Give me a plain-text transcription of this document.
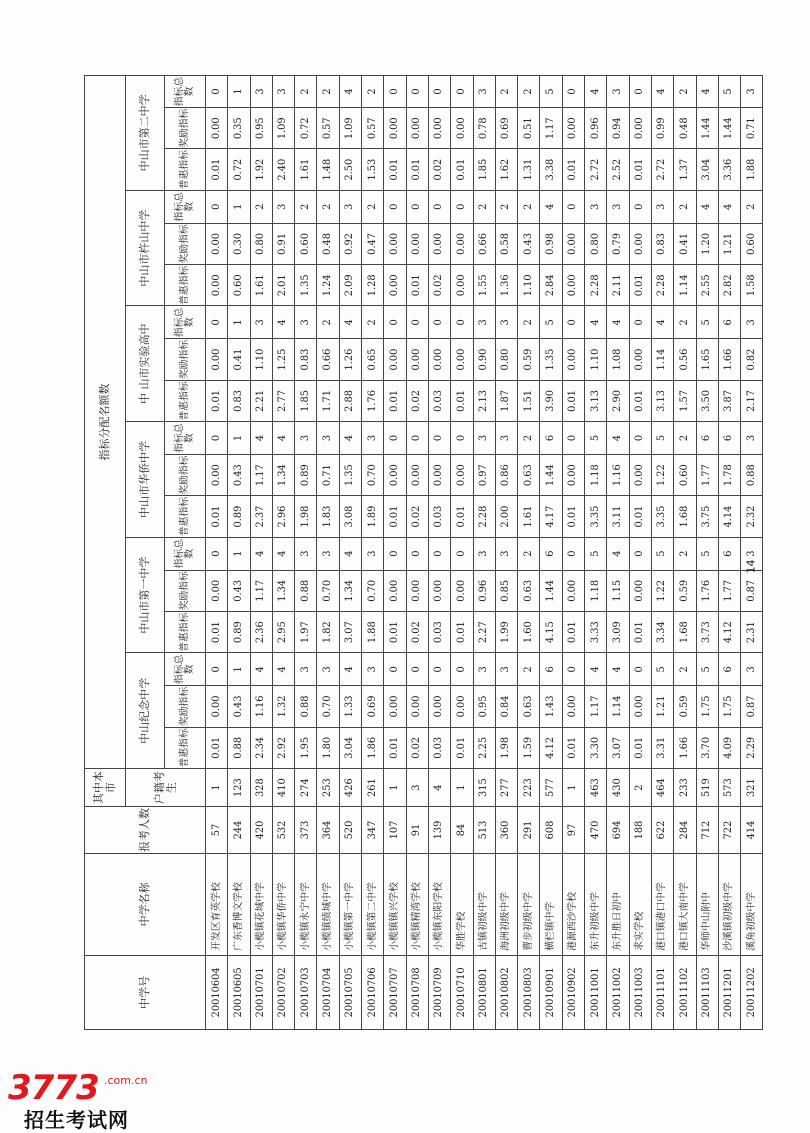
中学号	中学名称	报考人数	其中本市	指标分配名额数																	
			户籍考生	中山纪念中学			中山市第一中学			中山市华侨中学			中 山市实验高中			中山市杵山中学			中山市第二中学		
				普惠指标	奖励指标	指标总数	普惠指标	奖励指标	指标总数	普惠指标	奖励指标	指标总数	普惠指标	奖励指标	指标总数	普惠指标	奖励指标	指标总数	普惠指标	奖励指标	指标总数
20010604	开发区育英学校	57	1	0.01	0.00	0	0.01	0.00	0	0.01	0.00	0	0.01	0.00	0	0.00	0.00	0	0.01	0.00	0
20010605	广东香博文学校	244	123	0.88	0.43	1	0.89	0.43	1	0.89	0.43	1	0.83	0.41	1	0.60	0.30	1	0.72	0.35	1
20010701	小榄镇花城中学	420	328	2.34	1.16	4	2.36	1.17	4	2.37	1.17	4	2.21	1.10	3	1.61	0.80	2	1.92	0.95	3
20010702	小榄镇华侨中学	532	410	2.92	1.32	4	2.95	1.34	4	2.96	1.34	4	2.77	1.25	4	2.01	0.91	3	2.40	1.09	3
20010703	小榄镇永宁中学	373	274	1.95	0.88	3	1.97	0.88	3	1.98	0.89	3	1.85	0.83	3	1.35	0.60	2	1.61	0.72	2
20010704	小榄镇绩城中学	364	253	1.80	0.70	3	1.82	0.70	3	1.83	0.71	3	1.71	0.66	2	1.24	0.48	2	1.48	0.57	2
20010705	小榄镇第一中学	520	426	3.04	1.33	4	3.07	1.34	4	3.08	1.35	4	2.88	1.26	4	2.09	0.92	3	2.50	1.09	4
20010706	小榄镇第二中学	347	261	1.86	0.69	3	1.88	0.70	3	1.89	0.70	3	1.76	0.65	2	1.28	0.47	2	1.53	0.57	2
20010707	小榄镇镇兴学校	107	1	0.01	0.00	0	0.01	0.00	0	0.01	0.00	0	0.01	0.00	0	0.00	0.00	0	0.01	0.00	0
20010708	小榄镇精湾学校	91	3	0.02	0.00	0	0.02	0.00	0	0.02	0.00	0	0.02	0.00	0	0.01	0.00	0	0.01	0.00	0
20010709	小榄镇东阳学校	139	4	0.03	0.00	0	0.03	0.00	0	0.03	0.00	0	0.03	0.00	0	0.02	0.00	0	0.02	0.00	0
20010710	华胜学校	84	1	0.01	0.00	0	0.01	0.00	0	0.01	0.00	0	0.01	0.00	0	0.00	0.00	0	0.01	0.00	0
20010801	古镇初级中学	513	315	2.25	0.95	3	2.27	0.96	3	2.28	0.97	3	2.13	0.90	3	1.55	0.66	2	1.85	0.78	3
20010802	海洲初级中学	360	277	1.98	0.84	3	1.99	0.85	3	2.00	0.86	3	1.87	0.80	3	1.36	0.58	2	1.62	0.69	2
20010803	曹步初级中学	291	223	1.59	0.63	2	1.60	0.63	2	1.61	0.63	2	1.51	0.59	2	1.10	0.43	2	1.31	0.51	2
20010901	横栏镇中学	608	577	4.12	1.43	6	4.15	1.44	6	4.17	1.44	6	3.90	1.35	5	2.84	0.98	4	3.38	1.17	5
20010902	港源西沙学校	97	1	0.01	0.00	0	0.01	0.00	0	0.01	0.00	0	0.01	0.00	0	0.00	0.00	0	0.01	0.00	0
20011001	东升初级中学	470	463	3.30	1.17	4	3.33	1.18	5	3.35	1.18	5	3.13	1.10	4	2.28	0.80	3	2.72	0.96	4
20011002	东升胜日初中	694	430	3.07	1.14	4	3.09	1.15	4	3.11	1.16	4	2.90	1.08	4	2.11	0.79	3	2.52	0.94	3
20011003	求实学校	188	2	0.01	0.00	0	0.01	0.00	0	0.01	0.00	0	0.01	0.00	0	0.01	0.00	0	0.01	0.00	0
20011101	港口镇港口中学	622	464	3.31	1.21	5	3.34	1.22	5	3.35	1.22	5	3.13	1.14	4	2.28	0.83	3	2.72	0.99	4
20011102	港口镇大南中学	284	233	1.66	0.59	2	1.68	0.59	2	1.68	0.60	2	1.57	0.56	2	1.14	0.41	2	1.37	0.48	2
20011103	华师中山附中	712	519	3.70	1.75	5	3.73	1.76	5	3.75	1.77	6	3.50	1.65	5	2.55	1.20	4	3.04	1.44	4
20011201	沙溪镇初级中学	722	573	4.09	1.75	6	4.12	1.77	6	4.14	1.78	6	3.87	1.66	6	2.82	1.21	4	3.36	1.44	5
20011202	溪角初级中学	414	321	2.29	0.87	3	2.31	0.87	3	2.32	0.88	3	2.17	0.82	3	1.58	0.60	2	1.88	0.71	3
14
3773 .com.cn
招生考试网
